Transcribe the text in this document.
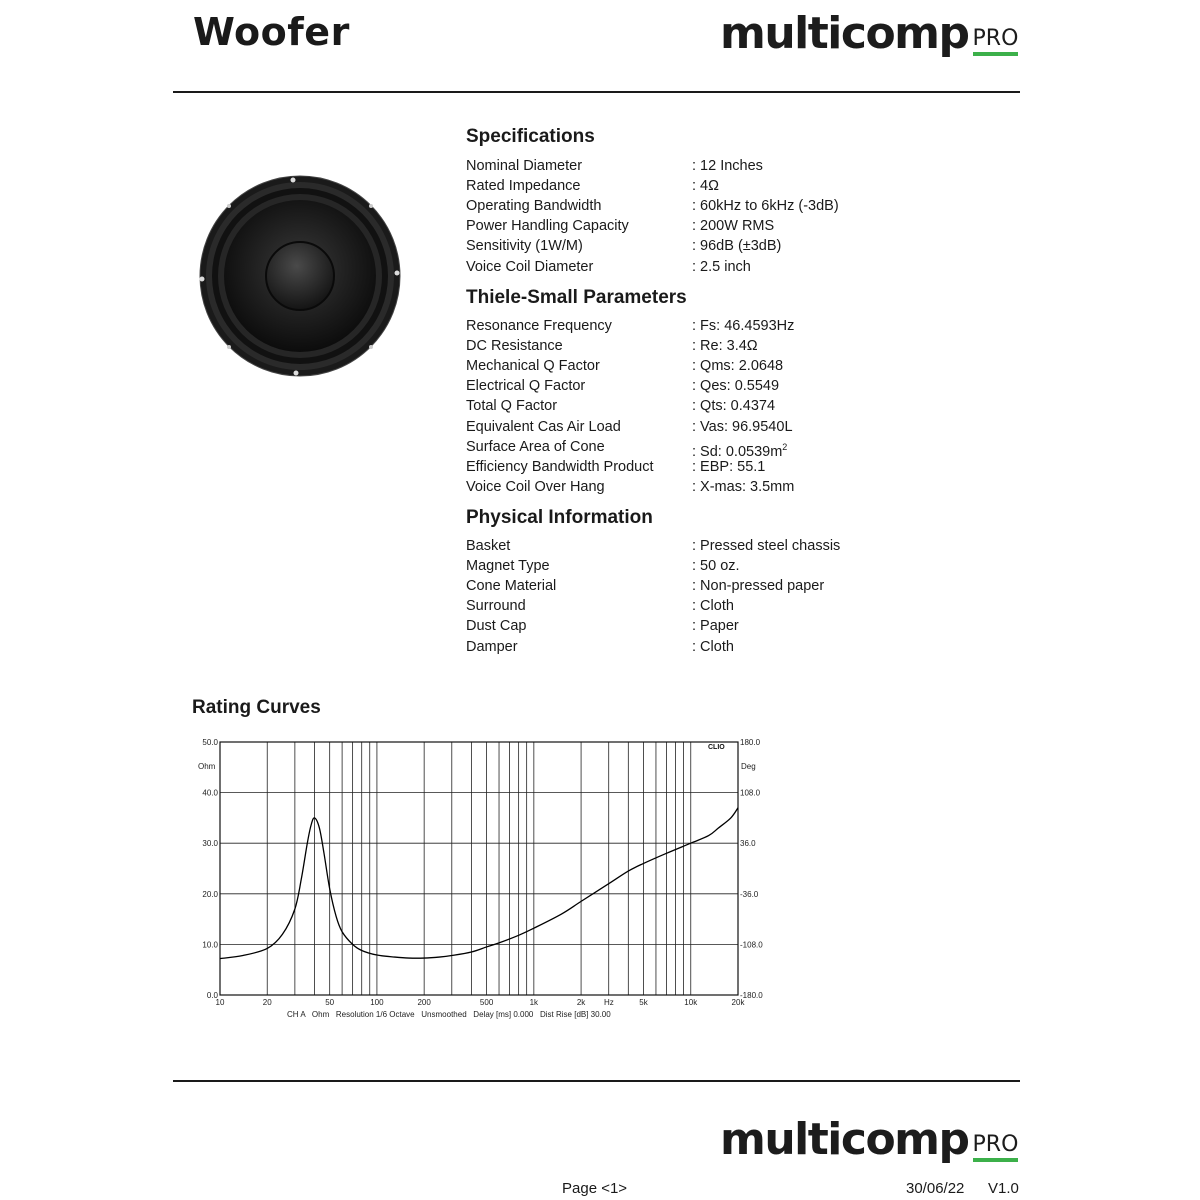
Woofer	multicomp PRO
Specifications
Nominal Diameter	: 12 Inches
Rated Impedance	: 4Ω
Operating Bandwidth	: 60kHz to 6kHz (-3dB)
Power Handling Capacity	: 200W RMS
Sensitivity (1W/M)	: 96dB (±3dB)
Voice Coil Diameter	: 2.5 inch
Thiele-Small Parameters
Resonance Frequency	: Fs: 46.4593Hz
DC Resistance	: Re: 3.4Ω
Mechanical Q Factor	: Qms: 2.0648
Electrical Q Factor	: Qes: 0.5549
Total Q Factor	: Qts: 0.4374
Equivalent Cas Air Load	: Vas: 96.9540L
Surface Area of Cone	: Sd: $0.0539m^2$
Efficiency Bandwidth Product	: EBP: 55.1
Voice Coil Over Hang	: X-mas: 3.5mm
Physical Information
Basket	: Pressed steel chassis
Magnet Type	: 50 oz.
Cone Material	: Non-pressed paper
Surround	: Cloth
Dust Cap	: Paper
Damper	: Cloth
Rating Curves
0.0
10.0
20.0
30.0
40.0
50.0
Ohm
-180.0
-108.0
-36.0
36.0
108.0
180.0
Deg
10	20	50	100	200	500	1k	2k	5k	10k	20k
Hz
CLIO
CH A   Ohm   Resolution 1/6 Octave   Unsmoothed   Delay [ms] 0.000   Dist Rise [dB] 30.00
multicomp PRO
Page <1>	30/06/22 V1.0
